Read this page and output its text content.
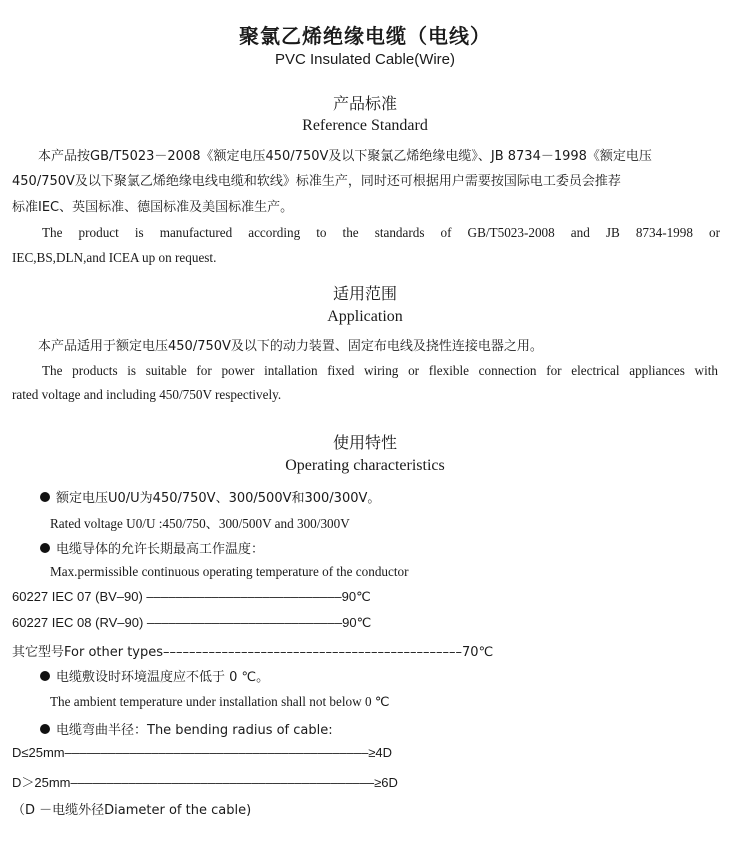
聚氯乙烯绝缘电缆（电线）
PVC Insulated Cable(Wire)
产品标准
Reference Standard
本产品按GB/T5023－2008《额定电压450/750V及以下聚氯乙烯绝缘电缆》、JB 8734－1998《额定电压
450/750V及以下聚氯乙烯绝缘电线电缆和软线》标准生产，同时还可根据用户需要按国际电工委员会推荐
标准IEC、英国标准、德国标准及美国标准生产。
The product is manufactured according to the standards of GB/T5023-2008 and JB 8734-1998 or
IEC,BS,DLN,and ICEA up on request.
适用范围
Application
本产品适用于额定电压450/750V及以下的动力装置、固定布电线及挠性连接电器之用。
The products is suitable for power intallation fixed wiring or flexible connection for electrical appliances with
rated voltage and including 450/750V respectively.
使用特性
Operating characteristics
额定电压U0/U为450/750V、300/500V和300/300V。
Rated voltage U0/U :450/750、300/500V and 300/300V
电缆导体的允许长期最高工作温度：
Max.permissible continuous operating temperature of the conductor
60227 IEC 07 (BV–90) –––––––––––––––––––––––––––90℃
60227 IEC 08 (RV–90) –––––––––––––––––––––––––––90℃
其它型号For other types––––––––––––––––––––––––––––––––––––––––––––––70℃
电缆敷设时环境温度应不低于 0 ℃。
The ambient temperature under installation shall not below 0 ℃
电缆弯曲半径：The bending radius of cable:
D≤25mm––––––––––––––––––––––––––––––––––––––––––≥4D
D＞25mm––––––––––––––––––––––––––––––––––––––––––≥6D
（D －电缆外径Diameter of the cable)
